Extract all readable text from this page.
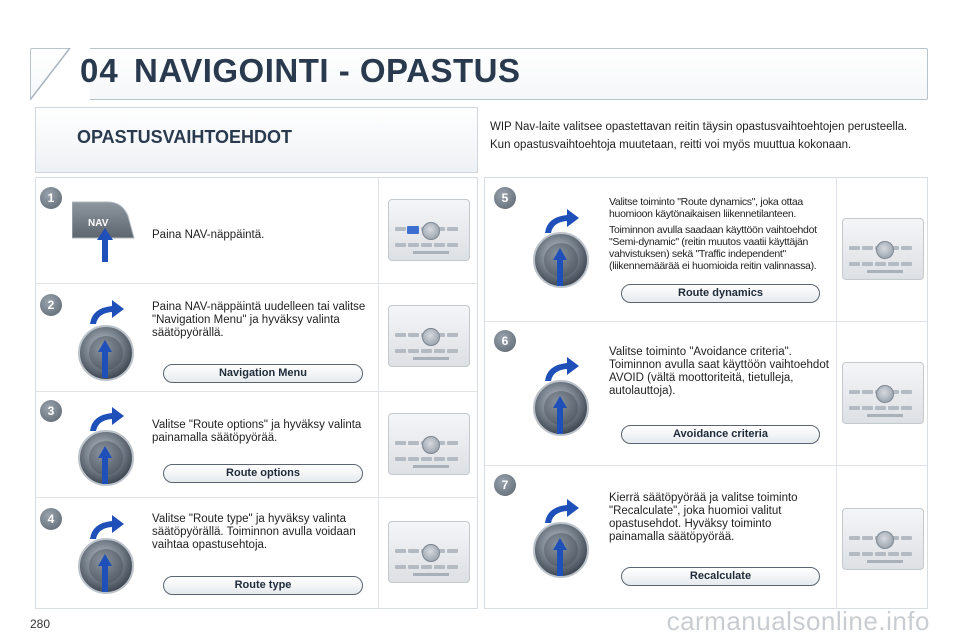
04 NAVIGOINTI - OPASTUS
OPASTUSVAIHTOEHDOT	WIP Nav-laite valitsee opastettavan reitin täysin opastusvaihtoehtojen perusteella.

Kun opastusvaihtoehtoja muutetaan, reitti voi myös muuttua kokonaan.

1
2
3
4
5
6
7
NAV
Paina NAV-näppäintä.
Paina NAV-näppäintä uudelleen tai valitse "Navigation Menu" ja hyväksy valinta säätöpyörällä.
Navigation Menu
Valitse "Route options" ja hyväksy valinta painamalla säätöpyörää.
Route options
Valitse "Route type" ja hyväksy valinta säätöpyörällä. Toiminnon avulla voidaan vaihtaa opastusehtoja.
Route type
Valitse toiminto "Route dynamics", joka ottaa huomioon käytönaikaisen liikennetilanteen.
Toiminnon avulla saadaan käyttöön vaihtoehdot "Semi-dynamic" (reitin muutos vaatii käyttäjän vahvistuksen) sekä "Traffic independent" (liikennemäärää ei huomioida reitin valinnassa).
Route dynamics
Valitse toiminto "Avoidance criteria". Toiminnon avulla saat käyttöön vaihtoehdot AVOID (vältä moottoriteitä, tietulleja, autolauttoja).
Avoidance criteria
Kierrä säätöpyörää ja valitse toiminto "Recalculate", joka huomioi valitut opastusehdot. Hyväksy toiminto painamalla säätöpyörää.
Recalculate
280	carmanualsonline.info
